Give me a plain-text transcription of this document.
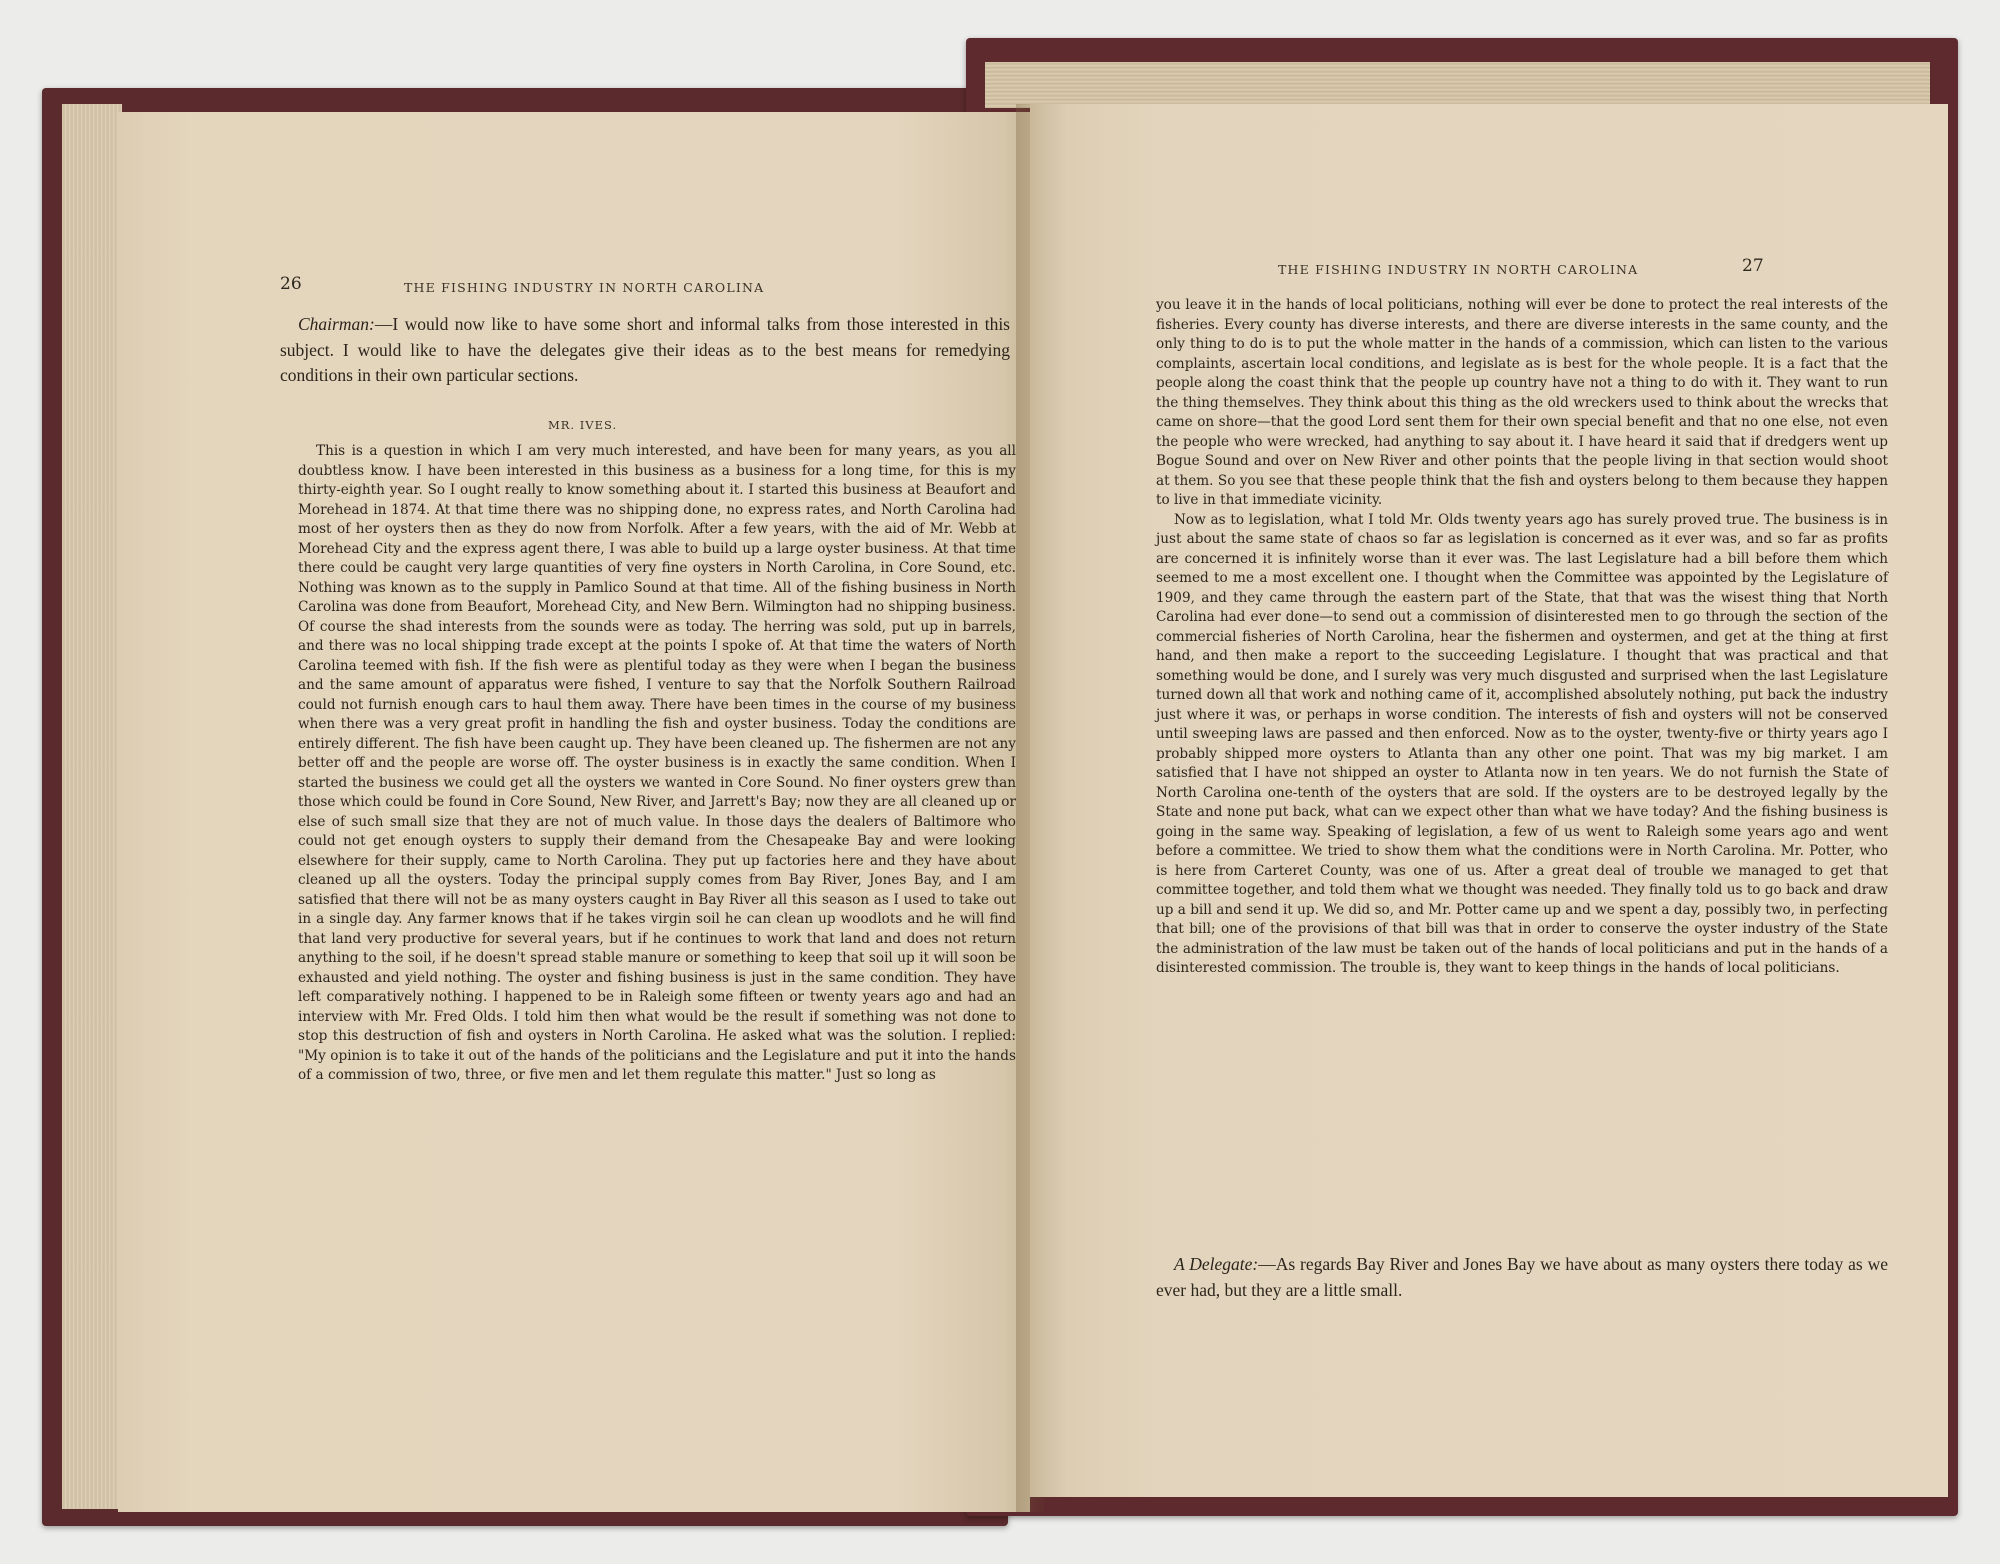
26	THE FISHING INDUSTRY IN NORTH CAROLINA

Chairman:—I would now like to have some short and informal talks from those interested in this subject. I would like to have the delegates give their ideas as to the best means for remedying conditions in their own particular sections.

MR. IVES.

This is a question in which I am very much interested, and have been for many years, as you all doubtless know. I have been interested in this business as a business for a long time, for this is my thirty-eighth year. So I ought really to know something about it. I started this business at Beaufort and Morehead in 1874. At that time there was no shipping done, no express rates, and North Carolina had most of her oysters then as they do now from Norfolk. After a few years, with the aid of Mr. Webb at Morehead City and the express agent there, I was able to build up a large oyster business. At that time there could be caught very large quantities of very fine oysters in North Carolina, in Core Sound, etc. Nothing was known as to the supply in Pamlico Sound at that time. All of the fishing business in North Carolina was done from Beaufort, Morehead City, and New Bern. Wilmington had no shipping business. Of course the shad interests from the sounds were as today. The herring was sold, put up in barrels, and there was no local shipping trade except at the points I spoke of. At that time the waters of North Carolina teemed with fish. If the fish were as plentiful today as they were when I began the business and the same amount of apparatus were fished, I venture to say that the Norfolk Southern Railroad could not furnish enough cars to haul them away. There have been times in the course of my business when there was a very great profit in handling the fish and oyster business. Today the conditions are entirely different. The fish have been caught up. They have been cleaned up. The fishermen are not any better off and the people are worse off. The oyster business is in exactly the same condition. When I started the business we could get all the oysters we wanted in Core Sound. No finer oysters grew than those which could be found in Core Sound, New River, and Jarrett's Bay; now they are all cleaned up or else of such small size that they are not of much value. In those days the dealers of Baltimore who could not get enough oysters to supply their demand from the Chesapeake Bay and were looking elsewhere for their supply, came to North Carolina. They put up factories here and they have about cleaned up all the oysters. Today the principal supply comes from Bay River, Jones Bay, and I am satisfied that there will not be as many oysters caught in Bay River all this season as I used to take out in a single day. Any farmer knows that if he takes virgin soil he can clean up woodlots and he will find that land very productive for several years, but if he continues to work that land and does not return anything to the soil, if he doesn't spread stable manure or something to keep that soil up it will soon be exhausted and yield nothing. The oyster and fishing business is just in the same condition. They have left comparatively nothing. I happened to be in Raleigh some fifteen or twenty years ago and had an interview with Mr. Fred Olds. I told him then what would be the result if something was not done to stop this destruction of fish and oysters in North Carolina. He asked what was the solution. I replied: "My opinion is to take it out of the hands of the politicians and the Legislature and put it into the hands of a commission of two, three, or five men and let them regulate this matter." Just so long as

THE FISHING INDUSTRY IN NORTH CAROLINA	27

you leave it in the hands of local politicians, nothing will ever be done to protect the real interests of the fisheries. Every county has diverse interests, and there are diverse interests in the same county, and the only thing to do is to put the whole matter in the hands of a commission, which can listen to the various complaints, ascertain local conditions, and legislate as is best for the whole people. It is a fact that the people along the coast think that the people up country have not a thing to do with it. They want to run the thing themselves. They think about this thing as the old wreckers used to think about the wrecks that came on shore—that the good Lord sent them for their own special benefit and that no one else, not even the people who were wrecked, had anything to say about it. I have heard it said that if dredgers went up Bogue Sound and over on New River and other points that the people living in that section would shoot at them. So you see that these people think that the fish and oysters belong to them because they happen to live in that immediate vicinity.

Now as to legislation, what I told Mr. Olds twenty years ago has surely proved true. The business is in just about the same state of chaos so far as legislation is concerned as it ever was, and so far as profits are concerned it is infinitely worse than it ever was. The last Legislature had a bill before them which seemed to me a most excellent one. I thought when the Committee was appointed by the Legislature of 1909, and they came through the eastern part of the State, that that was the wisest thing that North Carolina had ever done—to send out a commission of disinterested men to go through the section of the commercial fisheries of North Carolina, hear the fishermen and oystermen, and get at the thing at first hand, and then make a report to the succeeding Legislature. I thought that was practical and that something would be done, and I surely was very much disgusted and surprised when the last Legislature turned down all that work and nothing came of it, accomplished absolutely nothing, put back the industry just where it was, or perhaps in worse condition. The interests of fish and oysters will not be conserved until sweeping laws are passed and then enforced. Now as to the oyster, twenty-five or thirty years ago I probably shipped more oysters to Atlanta than any other one point. That was my big market. I am satisfied that I have not shipped an oyster to Atlanta now in ten years. We do not furnish the State of North Carolina one-tenth of the oysters that are sold. If the oysters are to be destroyed legally by the State and none put back, what can we expect other than what we have today? And the fishing business is going in the same way. Speaking of legislation, a few of us went to Raleigh some years ago and went before a committee. We tried to show them what the conditions were in North Carolina. Mr. Potter, who is here from Carteret County, was one of us. After a great deal of trouble we managed to get that committee together, and told them what we thought was needed. They finally told us to go back and draw up a bill and send it up. We did so, and Mr. Potter came up and we spent a day, possibly two, in perfecting that bill; one of the provisions of that bill was that in order to conserve the oyster industry of the State the administration of the law must be taken out of the hands of local politicians and put in the hands of a disinterested commission. The trouble is, they want to keep things in the hands of local politicians.

A Delegate:—As regards Bay River and Jones Bay we have about as many oysters there today as we ever had, but they are a little small.
